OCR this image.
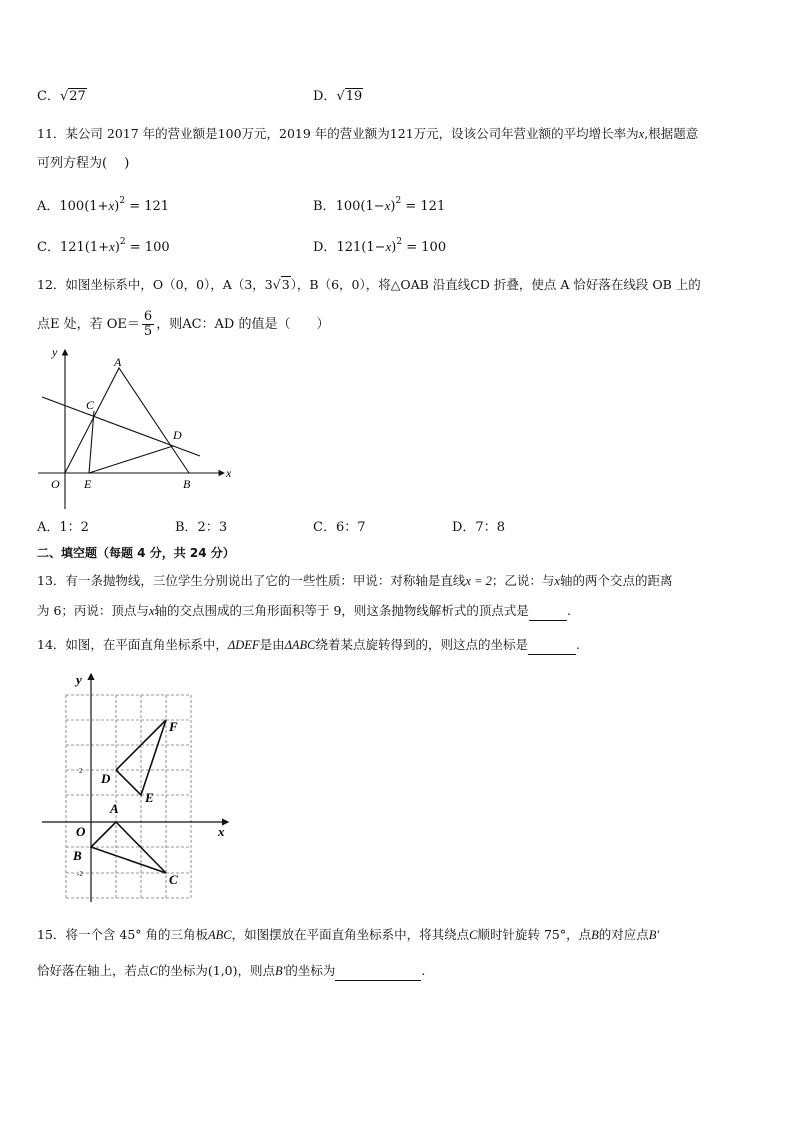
C．√27	D．√19
11．某公司 2017 年的营业额是100万元，2019 年的营业额为121万元，设该公司年营业额的平均增长率为x,根据题意
可列方程为(　 )
A．$100(1+x)^2 = 121$	B．$100(1-x)^2 = 121$
C．$121(1+x)^2 = 100$	D．$121(1-x)^2 = 100$
12．如图坐标系中，O（0，0），A（3，3√3），B（6，0），将△OAB 沿直线CD 折叠，使点 A 恰好落在线段 OB 上的
点E 处，若 $OE= \frac{6}{5}$ ，则AC：AD 的值是（　　）
y
x
O
A
B
C
D
E
A．1：2	B．2：3	C．6：7	D．7：8
二、填空题（每题 4 分，共 24 分）
13．有一条抛物线，三位学生分别说出了它的一些性质：甲说：对称轴是直线x = 2；乙说：与x轴的两个交点的距离
为 6；丙说：顶点与x轴的交点围成的三角形面积等于 9，则这条抛物线解析式的顶点式是	.
14．如图，在平面直角坐标系中，ΔDEF是由ΔABC绕着某点旋转得到的，则这点的坐标是	.
y
x
O
A
B
C
D
E
F
2
-2
15．将一个含 45° 角的三角板ABC，如图摆放在平面直角坐标系中，将其绕点C顺时针旋转 75°，点B的对应点B′
恰好落在轴上，若点C的坐标为(1,0)，则点B′的坐标为	.
